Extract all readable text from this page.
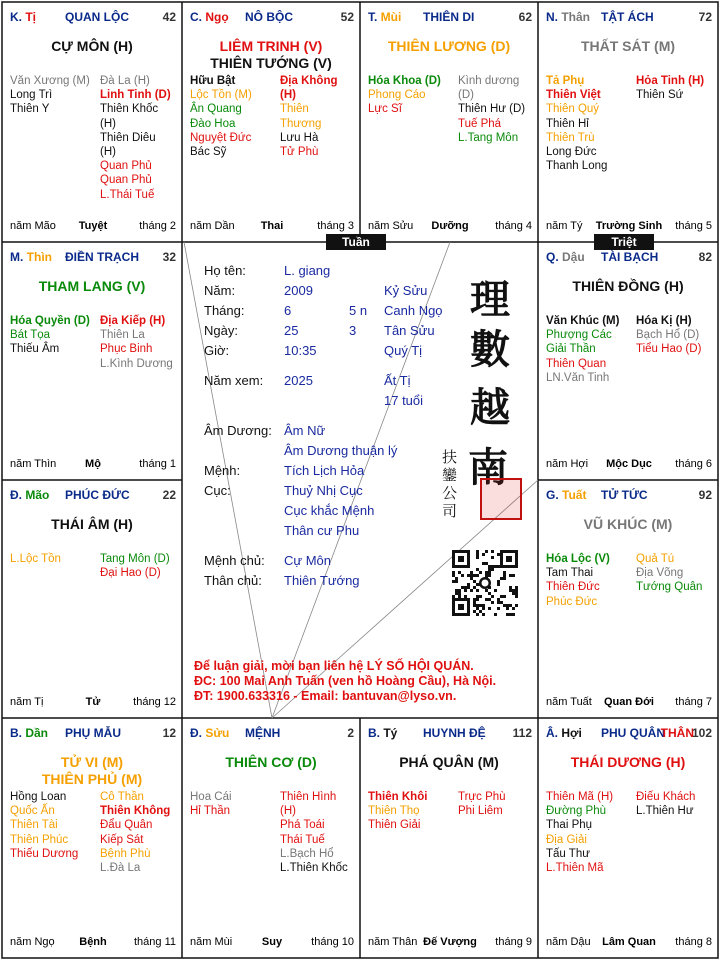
Tuần	Triệt
Họ tên:	L. giang
Năm:	2009	Kỷ Sửu
Tháng:	6	5 n Canh Ngọ
Ngày:	25	3 Tân Sửu
Giờ:	10:35	Quý Tị
Năm xem: 2025	Ất Tị
17 tuổi
Âm Dương: Âm Nữ
Âm Dương thuận lý
Mệnh:	Tích Lịch Hỏa
Cục:	Thuỷ Nhị Cục
Cục khắc Mệnh
Thân cư Phu
Mệnh chủ: Cự Môn
Thân chủ: Thiên Tướng
理
數
越
南
扶
鑾
公
司
Để luận giải, mời bạn liên hệ LÝ SỐ HỘI QUÁN.
ĐC: 100 Mai Anh Tuấn (ven hồ Hoàng Cầu), Hà Nội.
ĐT: 1900.633316 - Email: bantuvan@lyso.vn.
K. Tị QUAN LỘC	42
CỰ MÔN (H)
Văn Xương (M)
Long Trì
Thiên Y
Đà La (H)
Linh Tinh (D)
Thiên Khốc (H)
Thiên Diêu (H)
Quan Phủ
Quan Phủ
L.Thái Tuế
năm Mão	Tuyệt	tháng 2
C. Ngọ NÔ BỘC	52
LIÊM TRINH (V)
THIÊN TƯỚNG (V)
Hữu Bật
Lộc Tồn (M)
Ân Quang
Đào Hoa
Nguyệt Đức
Bác Sỹ
Địa Không (H)
Thiên Thương
Lưu Hà
Tử Phù
năm Dần	Thai	tháng 3
T. Mùi THIÊN DI	62
THIÊN LƯƠNG (D)
Hóa Khoa (D)
Phong Cáo
Lực Sĩ
Kình dương (D)
Thiên Hư (D)
Tuế Phá
L.Tang Môn
năm Sửu	Dưỡng	tháng 4
N. Thân TẬT ÁCH	72
THẤT SÁT (M)
Tả Phụ
Thiên Việt
Thiên Quý
Thiên Hỉ
Thiên Trù
Long Đức
Thanh Long
Hỏa Tinh (H)
Thiên Sứ
năm Tý	Trường Sinh	tháng 5
M. Thìn ĐIỀN TRẠCH 32
THAM LANG (V)
Hóa Quyền (D)
Bát Tọa
Thiếu Âm
Địa Kiếp (H)
Thiên La
Phục Binh
L.Kình Dương
năm Thìn	Mộ	tháng 1
Q. Dậu TÀI BẠCH	82
THIÊN ĐỒNG (H)
Văn Khúc (M)
Phượng Các
Giải Thần
Thiên Quan
LN.Văn Tinh
Hóa Kị (H)
Bạch Hổ (D)
Tiểu Hao (D)
năm Hợi	Mộc Dục	tháng 6
Đ. Mão PHÚC ĐỨC	22
THÁI ÂM (H)
L.Lộc Tồn	Tang Môn (D)
Đại Hao (D)
năm Tị	Tử	tháng 12
G. Tuất TỬ TỨC	92
VŨ KHÚC (M)
Hóa Lộc (V)
Tam Thai
Thiên Đức
Phúc Đức
Quả Tú
Địa Võng
Tướng Quân
năm Tuất	Quan Đới	tháng 7
B. Dần PHỤ MẪU	12
TỬ VI (M)
THIÊN PHỦ (M)
Hồng Loan
Quốc Ấn
Thiên Tài
Thiên Phúc
Thiếu Dương
Cô Thần
Thiên Không
Đẩu Quân
Kiếp Sát
Bệnh Phù
L.Đà La
năm Ngọ	Bệnh	tháng 11
Đ. Sửu MỆNH	2
THIÊN CƠ (D)
Hoa Cái
Hỉ Thần
Thiên Hình (H)
Phá Toái
Thái Tuế
L.Bạch Hổ
L.Thiên Khốc
năm Mùi	Suy	tháng 10
B. Tý HUYNH ĐỆ 112
PHÁ QUÂN (M)
Thiên Khôi
Thiên Thọ
Thiên Giải
Trực Phù
Phi Liêm
năm Thân Đế Vượng	tháng 9
Â. Hợi PHU QUÂN
THÂN
102
THÁI DƯƠNG (H)
Thiên Mã (H)
Đường Phù
Thai Phụ
Địa Giải
Tấu Thư
L.Thiên Mã
Điếu Khách
L.Thiên Hư
năm Dậu	Lâm Quan	tháng 8
